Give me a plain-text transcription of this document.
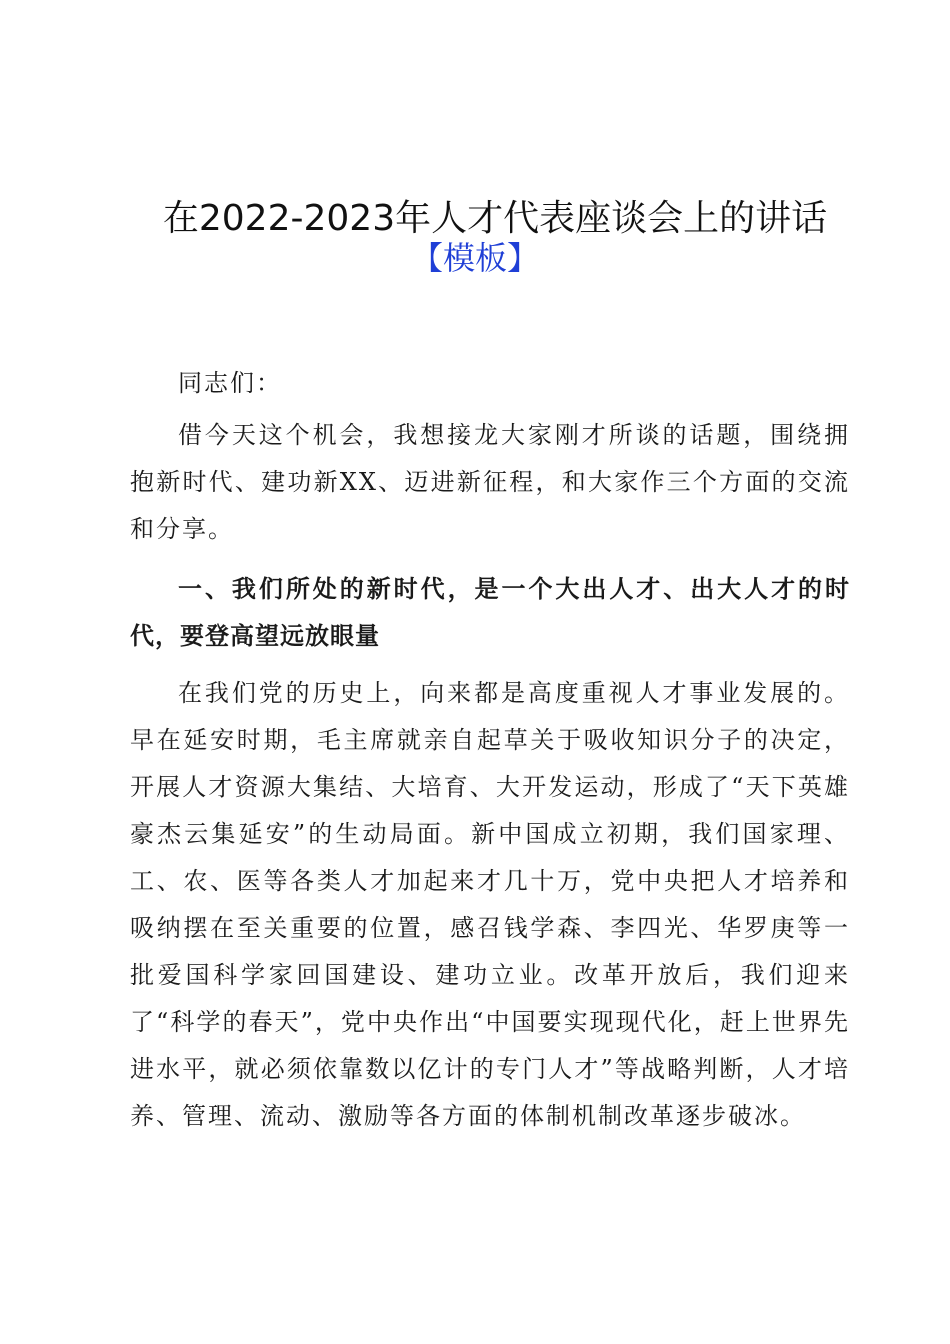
在2022-2023年人才代表座谈会上的讲话
【模板】

同志们：

借今天这个机会，我想接龙大家刚才所谈的话题，围绕拥抱新时代、建功新XX、迈进新征程，和大家作三个方面的交流和分享。

一、我们所处的新时代，是一个大出人才、出大人才的时代，要登高望远放眼量

在我们党的历史上，向来都是高度重视人才事业发展的。早在延安时期，毛主席就亲自起草关于吸收知识分子的决定，开展人才资源大集结、大培育、大开发运动，形成了“天下英雄豪杰云集延安”的生动局面。新中国成立初期，我们国家理、工、农、医等各类人才加起来才几十万，党中央把人才培养和吸纳摆在至关重要的位置，感召钱学森、李四光、华罗庚等一批爱国科学家回国建设、建功立业。改革开放后，我们迎来了“科学的春天”，党中央作出“中国要实现现代化，赶上世界先进水平，就必须依靠数以亿计的专门人才”等战略判断，人才培养、管理、流动、激励等各方面的体制机制改革逐步破冰。
